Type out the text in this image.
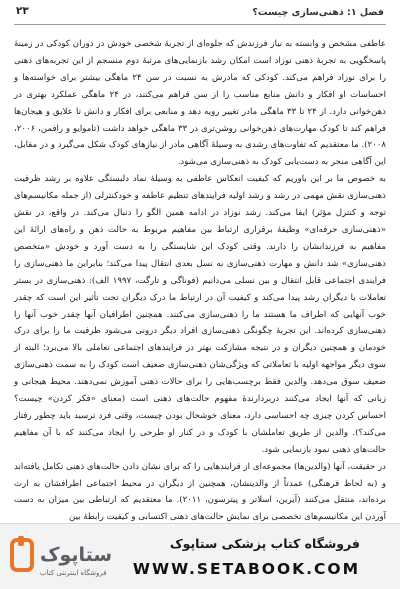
فصل ۱: ذهنی‌سازی چیست؟
۲۳

عاطفی مشخص و وابسته به نیاز فرزندش که جلوه‌ای از تجربهٔ شخصی خودش در دوران کودکی در زمینهٔ پاسخگویی به تجربهٔ ذهنی نوزاد است امکان رشد بازنمایی‌های مرتبهٔ دوم منسجم از این تجربه‌های ذهنی را برای نوزاد فراهم می‌کند. کودکی که مادرش به نسبت در سن ۲۴ ماهگی بیشتر برای خواسته‌ها و احساسات او افکار و دانش منابع مناسب را از سن فراهم می‌کنند، در ۲۴ ماهگی عملکرد بهتری در ذهن‌خوانی دارد. از ۲۴ تا ۳۳ ماهگی مادر تغییر رویه دهد و منابعی برای افکار و دانش تا علایق و هیجان‌ها فراهم کند تا کودک مهارت‌های ذهن‌خوانی روشن‌تری در ۳۳ ماهگی خواهد داشت (تاموایو و رافمن، ۲۰۰۶، ۲۰۰۸). ما معتقدیم که تفاوت‌های رشدی به وسیلهٔ آگاهی مادر از نیازهای کودک شکل می‌گیرد و در مقابل، این آگاهی منجر به دست‌یابی کودک به ذهنی‌سازی می‌شود.

به خصوص ما بر این باوریم که کیفیت انعکاس عاطفی به وسیلهٔ نماد دلبستگی علاوه بر رشد ظرفیت ذهنی‌سازی نقش مهمی در رشد و رشد اولیه فرایندهای تنظیم عاطفه و خودکنترلی (از جمله مکانیسم‌های توجه و کنترل مؤثر) ایفا می‌کند. رشد نوزاد در ادامه همین الگو را دنبال می‌کند. در واقع، در نقش «ذهنی‌سازی حرفه‌ای» وظیفهٔ برقراری ارتباط بین مفاهیم مربوط به حالت ذهن و راه‌های ارائهٔ این مفاهیم به فرزندانشان را دارند. وقتی کودک این شایستگی را به دست آورد و خودش «متخصص ذهنی‌سازی» شد دانش و مهارت ذهنی‌سازی به نسل بعدی انتقال پیدا می‌کند؛ بنابراین ما ذهنی‌سازی را فرایندی اجتماعی قابل انتقال و بین نسلی می‌دانیم (فوناگی و تارگت، ۱۹۹۷ الف): ذهنی‌سازی در بستر تعاملات با دیگران رشد پیدا می‌کند و کیفیت آن در ارتباط ما درک دیگران تحت تأثیر این است که چقدر خوب آنهایی که اطراف ما هستند ما را ذهنی‌سازی می‌کنند. همچنین اطرافیان آنها چقدر خوب آنها را ذهنی‌سازی کرده‌اند. این تجربهٔ چگونگی ذهنی‌سازی افراد دیگر درونی می‌شود ظرفیت ما را برای درک خودمان و همچنین دیگران و در نتیجه مشارکت بهتر در فرایندهای اجتماعی تعاملی بالا می‌برد؛ البته از سوی دیگر مواجهه اولیه با تعاملاتی که ویژگی‌شان ذهنی‌سازی ضعیف است کودک را به سمت ذهنی‌سازی ضعیف سوق می‌دهد. والدین فقط برچسب‌هایی را برای حالات ذهنی آموزش نمی‌دهند. محیط هیجانی و زبانی که آنها ایجاد می‌کنند دربردارندهٔ مفهوم حالت‌های ذهنی است (معنای «فکر کردن» چیست؟ احساس کردن چیزی چه احساسی دارد، معنای خوشحال بودن چیست، وقتی فرد ترسید باید چطور رفتار می‌کند؟). والدین از طریق تعاملشان با کودک و در کنار او طرحی را ایجاد می‌کنند که با آن مفاهیم حالت‌های ذهنی نمود بازنمایی شود.

در حقیقت، آنها (والدین‌ها) مجموعه‌ای از فرایندهایی را که برای نشان دادن حالت‌های ذهنی تکامل یافته‌اند و (به لحاظ فرهنگی) عمدتاً از والدینشان، همچنین از دیگران در محیط اجتماعی اطرافشان به ارث برده‌اند، منتقل می‌کنند (آیرین، اسلاتر و پیترسون، ۲۰۱۱). ما معتقدیم که ارتباطی بین میزان به دست آوردن این مکانیسم‌های تخصصی برای نمایش حالت‌های ذهنی اکتسابی و کیفیت رابطهٔ بین

ستاپوک
فروشگاه اینترنتی کتاب
فروشگاه کتاب پزشکی ستاپوک
WWW.SETABOOK.COM
